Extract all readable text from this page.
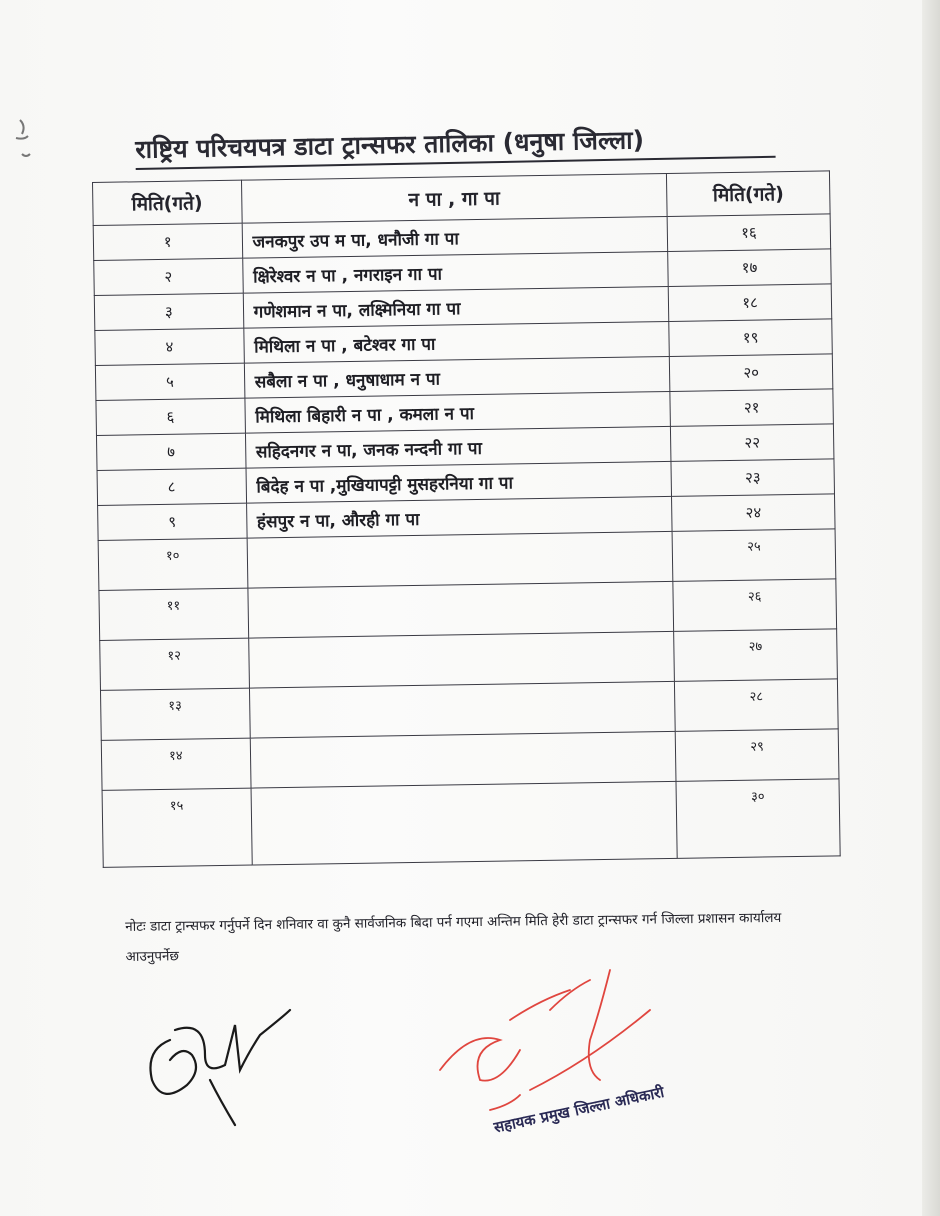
राष्ट्रिय परिचयपत्र डाटा ट्रान्सफर तालिका (धनुषा जिल्ला)
मिति(गते)	न पा , गा पा	मिति(गते)
१	जनकपुर उप म पा, धनौजी गा पा	१६
२	क्षिरेश्वर न पा , नगराइन गा पा	१७
३	गणेशमान न पा, लक्ष्मिनिया गा पा	१८
४	मिथिला न पा , बटेश्वर गा पा	१९
५	सबैला न पा , धनुषाधाम न पा	२०
६	मिथिला बिहारी न पा , कमला न पा	२१
७	सहिदनगर न पा, जनक नन्दनी गा पा	२२
८	बिदेह न पा ,मुखियापट्टी मुसहरनिया गा पा	२३
९	हंसपुर न पा, औरही गा पा	२४
१०		२५
११		२६
१२		२७
१३		२८
१४		२९
१५		३०
नोटः डाटा ट्रान्सफर गर्नुपर्ने दिन शनिवार वा कुनै सार्वजनिक बिदा पर्न गएमा अन्तिम मिति हेरी डाटा ट्रान्सफर गर्न जिल्ला प्रशासन कार्यालय आउनुपर्नेछ
सहायक प्रमुख जिल्ला अधिकारी
